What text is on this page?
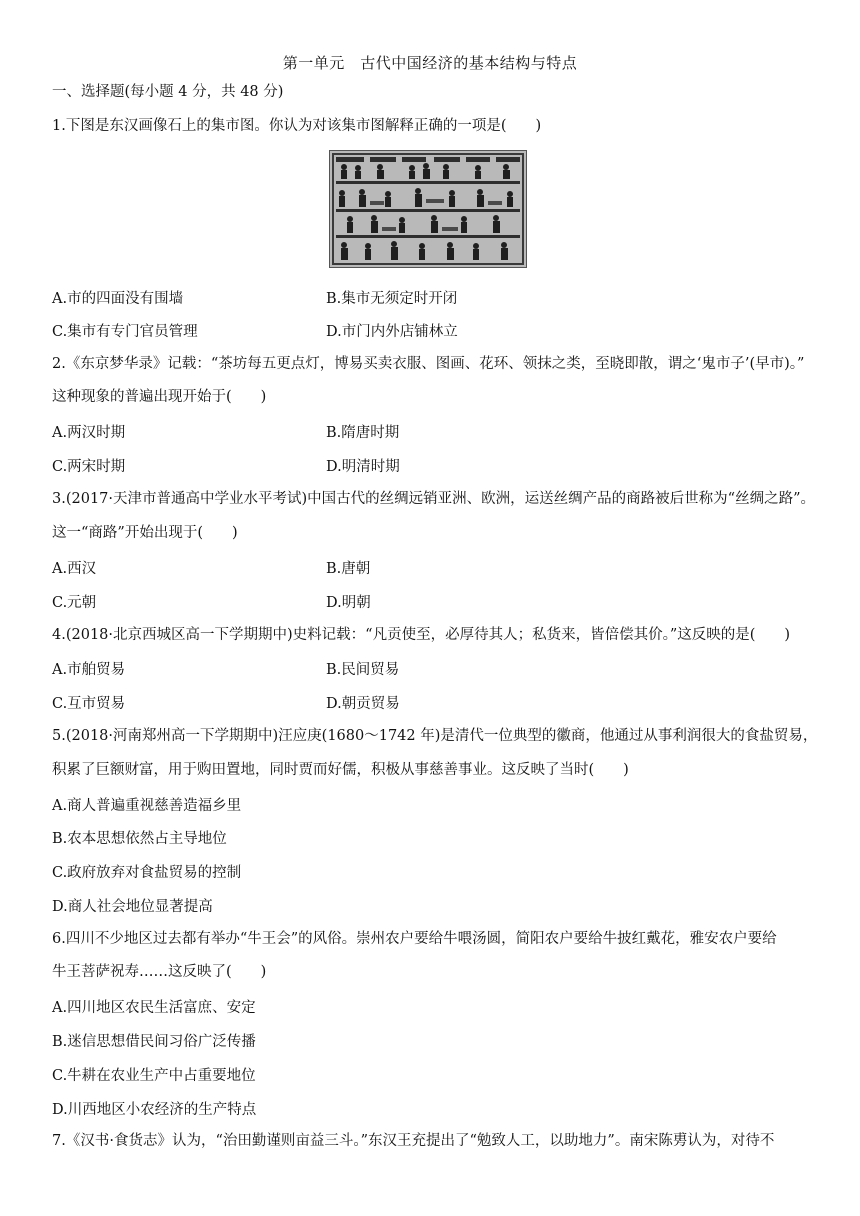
第一单元　古代中国经济的基本结构与特点
一、选择题(每小题 4 分，共 48 分)
1.下图是东汉画像石上的集市图。你认为对该集市图解释正确的一项是(　　)
A.市的四面没有围墙	B.集市无须定时开闭
C.集市有专门官员管理	D.市门内外店铺林立
2.《东京梦华录》记载：“茶坊每五更点灯，博易买卖衣服、图画、花环、领抹之类，至晓即散，谓之‘鬼市子’(早市)。”
这种现象的普遍出现开始于(　　)
A.两汉时期	B.隋唐时期
C.两宋时期	D.明清时期
3.(2017·天津市普通高中学业水平考试)中国古代的丝绸远销亚洲、欧洲，运送丝绸产品的商路被后世称为“丝绸之路”。
这一“商路”开始出现于(　　)
A.西汉	B.唐朝
C.元朝	D.明朝
4.(2018·北京西城区高一下学期期中)史料记载：“凡贡使至，必厚待其人；私货来，皆倍偿其价。”这反映的是(　　)
A.市舶贸易	B.民间贸易
C.互市贸易	D.朝贡贸易
5.(2018·河南郑州高一下学期期中)汪应庚(1680～1742 年)是清代一位典型的徽商，他通过从事利润很大的食盐贸易，
积累了巨额财富，用于购田置地，同时贾而好儒，积极从事慈善事业。这反映了当时(　　)
A.商人普遍重视慈善造福乡里
B.农本思想依然占主导地位
C.政府放弃对食盐贸易的控制
D.商人社会地位显著提高
6.四川不少地区过去都有举办“牛王会”的风俗。崇州农户要给牛喂汤圆，简阳农户要给牛披红戴花，雅安农户要给
牛王菩萨祝寿……这反映了(　　)
A.四川地区农民生活富庶、安定
B.迷信思想借民间习俗广泛传播
C.牛耕在农业生产中占重要地位
D.川西地区小农经济的生产特点
7.《汉书·食货志》认为，“治田勤谨则亩益三斗。”东汉王充提出了“勉致人工，以助地力”。南宋陈旉认为，对待不
